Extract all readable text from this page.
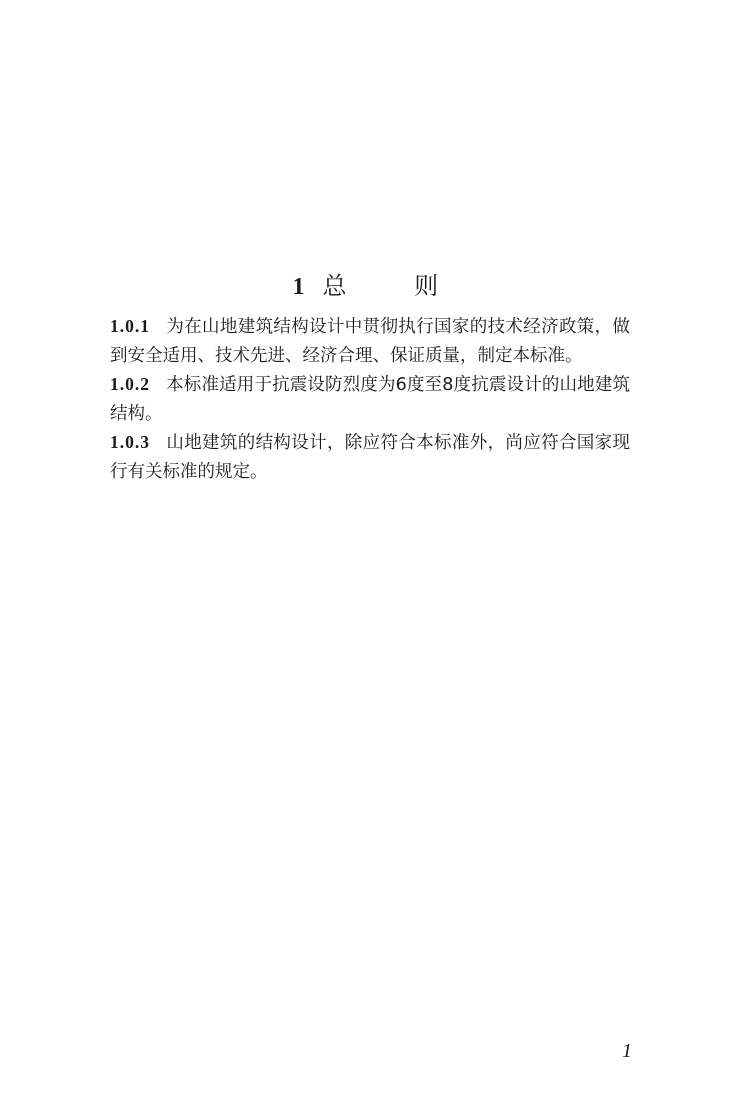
1 总 则

1.0.1 为在山地建筑结构设计中贯彻执行国家的技术经济政策，做到安全适用、技术先进、经济合理、保证质量，制定本标准。

1.0.2 本标准适用于抗震设防烈度为6度至8度抗震设计的山地建筑结构。

1.0.3 山地建筑的结构设计，除应符合本标准外，尚应符合国家现行有关标准的规定。

1
